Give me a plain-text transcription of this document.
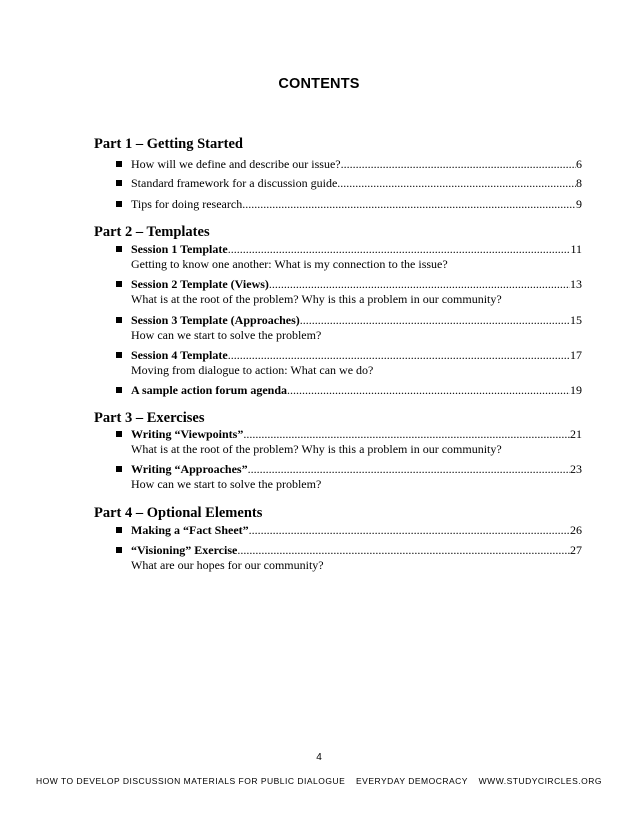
CONTENTS
Part 1 – Getting Started
How will we define and describe our issue? .....	6
Standard framework for a discussion guide .....	8
Tips for doing research .....	9
Part 2 – Templates
Session 1 Template .....	11
Getting to know one another: What is my connection to the issue?
Session 2 Template (Views) .....	13
What is at the root of the problem? Why is this a problem in our community?
Session 3 Template (Approaches) .....	15
How can we start to solve the problem?
Session 4 Template .....	17
Moving from dialogue to action: What can we do?
A sample action forum agenda .....	19
Part 3 – Exercises
Writing “Viewpoints” .....	21
What is at the root of the problem? Why is this a problem in our community?
Writing “Approaches” .....	23
How can we start to solve the problem?
Part 4 – Optional Elements
Making a “Fact Sheet” .....	26
“Visioning” Exercise .....	27
What are our hopes for our community?
4
HOW TO DEVELOP DISCUSSION MATERIALS FOR PUBLIC DIALOGUE EVERYDAY DEMOCRACY WWW.STUDYCIRCLES.ORG
